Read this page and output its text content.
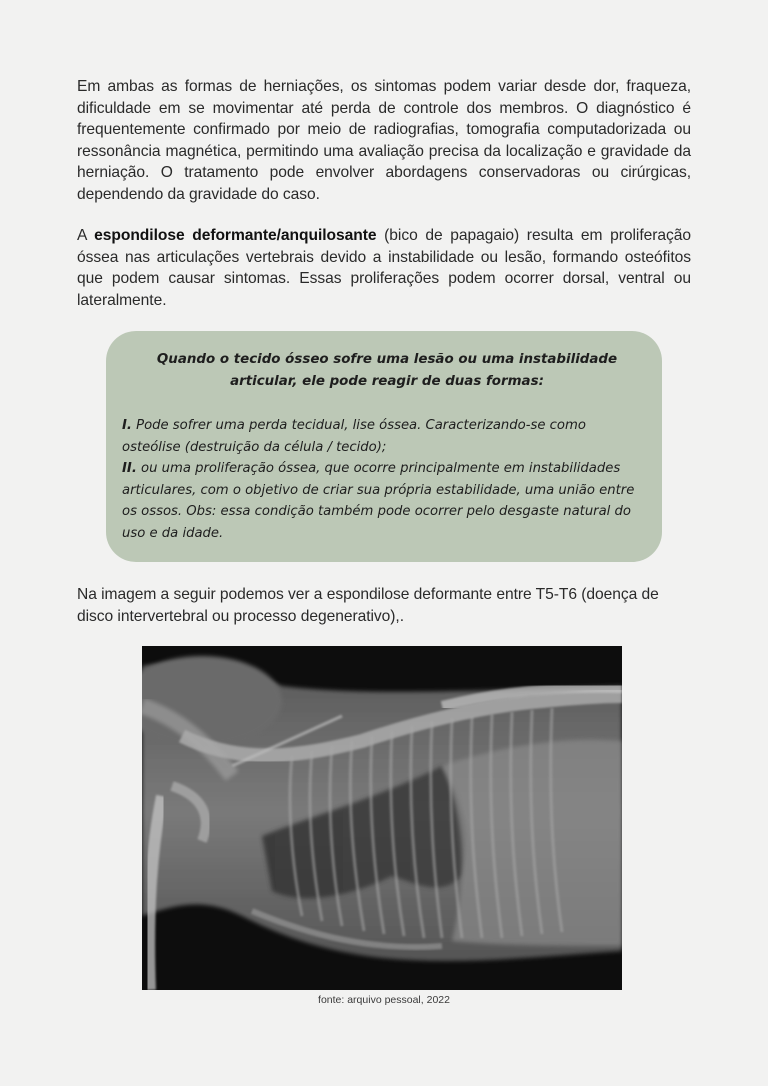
Em ambas as formas de herniações, os sintomas podem variar desde dor, fraqueza, dificuldade em se movimentar até perda de controle dos membros. O diagnóstico é frequentemente confirmado por meio de radiografias, tomografia computadorizada ou ressonância magnética, permitindo uma avaliação precisa da localização e gravidade da herniação. O tratamento pode envolver abordagens conservadoras ou cirúrgicas, dependendo da gravidade do caso.

A espondilose deformante/anquilosante (bico de papagaio) resulta em proliferação óssea nas articulações vertebrais devido a instabilidade ou lesão, formando osteófitos que podem causar sintomas. Essas proliferações podem ocorrer dorsal, ventral ou lateralmente.

Quando o tecido ósseo sofre uma lesão ou uma instabilidade articular, ele pode reagir de duas formas:

I. Pode sofrer uma perda tecidual, lise óssea. Caracterizando-se como osteólise (destruição da célula / tecido);
II. ou uma proliferação óssea, que ocorre principalmente em instabilidades articulares, com o objetivo de criar sua própria estabilidade, uma união entre os ossos. Obs: essa condição também pode ocorrer pelo desgaste natural do uso e da idade.

Na imagem a seguir podemos ver a espondilose deformante entre T5-T6 (doença de disco intervertebral ou processo degenerativo),.

fonte: arquivo pessoal, 2022
